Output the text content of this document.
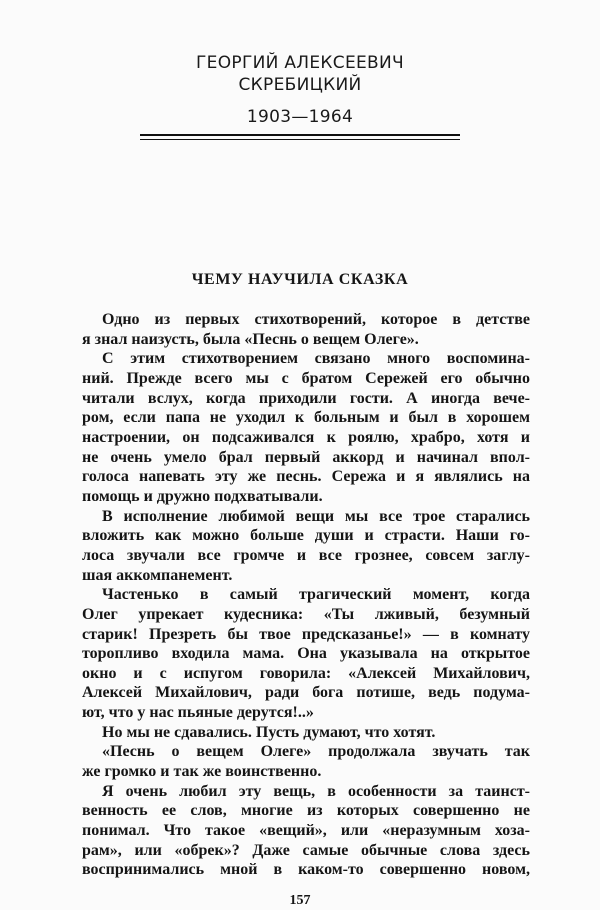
ГЕОРГИЙ АЛЕКСЕЕВИЧ
СКРЕБИЦКИЙ
1903—1964
ЧЕМУ НАУЧИЛА СКАЗКА
Одно из первых стихотворений, которое в детстве
я знал наизусть, была «Песнь о вещем Олеге».
С этим стихотворением связано много воспомина-
ний. Прежде всего мы с братом Сережей его обычно
читали вслух, когда приходили гости. А иногда вече-
ром, если папа не уходил к больным и был в хорошем
настроении, он подсаживался к роялю, храбро, хотя и
не очень умело брал первый аккорд и начинал впол-
голоса напевать эту же песнь. Сережа и я являлись на
помощь и дружно подхватывали.
В исполнение любимой вещи мы все трое старались
вложить как можно больше души и страсти. Наши го-
лоса звучали все громче и все грознее, совсем заглу-
шая аккомпанемент.
Частенько в самый трагический момент, когда
Олег упрекает кудесника: «Ты лживый, безумный
старик! Презреть бы твое предсказанье!» — в комнату
торопливо входила мама. Она указывала на открытое
окно и с испугом говорила: «Алексей Михайлович,
Алексей Михайлович, ради бога потише, ведь подума-
ют, что у нас пьяные дерутся!..»
Но мы не сдавались. Пусть думают, что хотят.
«Песнь о вещем Олеге» продолжала звучать так
же громко и так же воинственно.
Я очень любил эту вещь, в особенности за таинст-
венность ее слов, многие из которых совершенно не
понимал. Что такое «вещий», или «неразумным хоза-
рам», или «обрек»? Даже самые обычные слова здесь
воспринимались мной в каком-то совершенно новом,
157
